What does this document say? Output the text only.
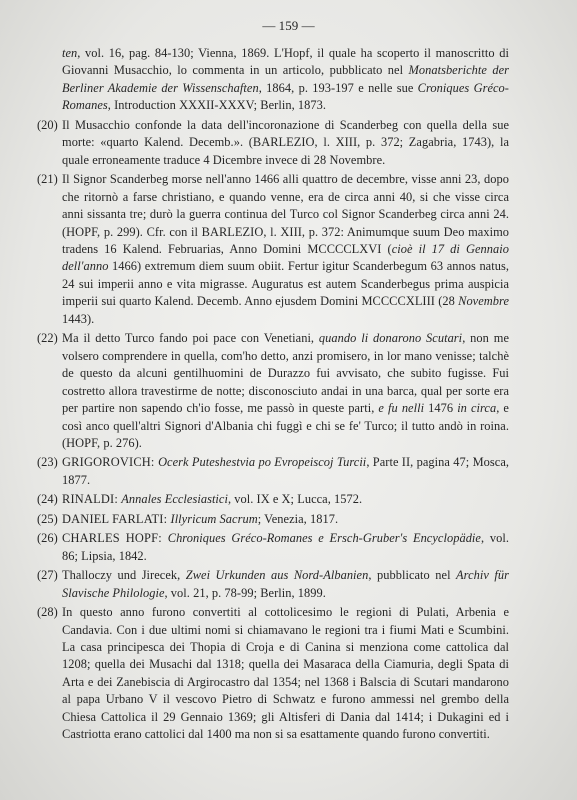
— 159 —

ten, vol. 16, pag. 84-130; Vienna, 1869. L'Hopf, il quale ha scoperto il manoscritto di Giovanni Musacchio, lo commenta in un articolo, pubblicato nel Monatsberichte der Berliner Akademie der Wissenschaften, 1864, p. 193-197 e nelle sue Croniques Gréco-Romanes, Introduction XXXII-XXXV; Berlin, 1873.

(20) Il Musacchio confonde la data dell'incoronazione di Scanderbeg con quella della sue morte: «quarto Kalend. Decemb.». (BARLEZIO, l. XIII, p. 372; Zagabria, 1743), la quale erroneamente traduce 4 Dicembre invece di 28 Novembre.

(21) Il Signor Scanderbeg morse nell'anno 1466 alli quattro de decembre, visse anni 23, dopo che ritornò a farse christiano, e quando venne, era de circa anni 40, si che visse circa anni sissanta tre; durò la guerra continua del Turco col Signor Scanderbeg circa anni 24. (HOPF, p. 299). Cfr. con il BARLEZIO, l. XIII, p. 372: Animumque suum Deo maximo tradens 16 Kalend. Februarias, Anno Domini MCCCCLXVI (cioè il 17 di Gennaio dell'anno 1466) extremum diem suum obiit. Fertur igitur Scanderbegum 63 annos natus, 24 sui imperii anno e vita migrasse. Auguratus est autem Scanderbegus prima auspicia imperii sui quarto Kalend. Decemb. Anno ejusdem Domini MCCCCXLIII (28 Novembre 1443).

(22) Ma il detto Turco fando poi pace con Venetiani, quando li donarono Scutari, non me volsero comprendere in quella, com'ho detto, anzi promisero, in lor mano venisse; talchè de questo da alcuni gentilhuomini de Durazzo fui avvisato, che subito fugisse. Fui costretto allora travestirme de notte; disconosciuto andai in una barca, qual per sorte era per partire non sapendo ch'io fosse, me passò in queste parti, e fu nelli 1476 in circa, e così anco quell'altri Signori d'Albania chi fuggì e chi se fe' Turco; il tutto andò in roina. (HOPF, p. 276).

(23) GRIGOROVICH: Ocerk Puteshestvia po Evropeiscoj Turcii, Parte II, pagina 47; Mosca, 1877.

(24) RINALDI: Annales Ecclesiastici, vol. IX e X; Lucca, 1572.

(25) DANIEL FARLATI: Illyricum Sacrum; Venezia, 1817.

(26) CHARLES HOPF: Chroniques Gréco-Romanes e Ersch-Gruber's Encyclopädie, vol. 86; Lipsia, 1842.

(27) Thalloczy und Jirecek, Zwei Urkunden aus Nord-Albanien, pubblicato nel Archiv für Slavische Philologie, vol. 21, p. 78-99; Berlin, 1899.

(28) In questo anno furono convertiti al cottolicesimo le regioni di Pulati, Arbenia e Candavia. Con i due ultimi nomi si chiamavano le regioni tra i fiumi Mati e Scumbini. La casa principesca dei Thopia di Croja e di Canina si menziona come cattolica dal 1208; quella dei Musachi dal 1318; quella dei Masaraca della Ciamuria, degli Spata di Arta e dei Zanebiscia di Argirocastro dal 1354; nel 1368 i Balscia di Scutari mandarono al papa Urbano V il vescovo Pietro di Schwatz e furono ammessi nel grembo della Chiesa Cattolica il 29 Gennaio 1369; gli Altisferi di Dania dal 1414; i Dukagini ed i Castriotta erano cattolici dal 1400 ma non si sa esattamente quando furono convertiti.
